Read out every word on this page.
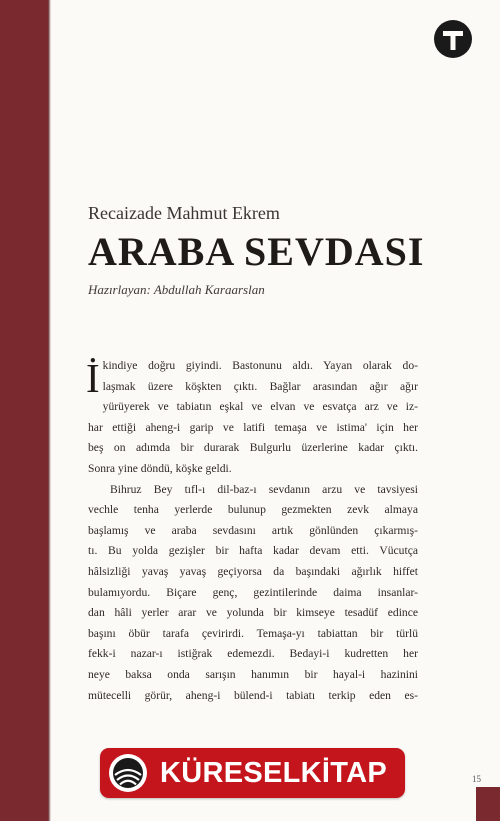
Recaizade Mahmut Ekrem
ARABA SEVDASI
Hazırlayan: Abdullah Karaarslan
İ kindiye doğru giyindi. Bastonunu aldı. Yayan olarak do-
laşmak üzere köşkten çıktı. Bağlar arasından ağır ağır
yürüyerek ve tabiatın eşkal ve elvan ve esvatça arz ve iz-
har ettiği aheng-i garip ve latifi temaşa ve istima' için her
beş on adımda bir durarak Bulgurlu üzerlerine kadar çıktı.
Sonra yine döndü, köşke geldi.
Bihruz Bey tıfl-ı dil-baz-ı sevdanın arzu ve tavsiyesi
vechle tenha yerlerde bulunup gezmekten zevk almaya
başlamış ve araba sevdasını artık gönlünden çıkarmış-
tı. Bu yolda gezişler bir hafta kadar devam etti. Vücutça
hâlsizliği yavaş yavaş geçiyorsa da başındaki ağırlık hiffet
bulamıyordu. Biçare genç, gezintilerinde daima insanlar-
dan hâli yerler arar ve yolunda bir kimseye tesadüf edince
başını öbür tarafa çevirirdi. Temaşa-yı tabiattan bir türlü
fekk-i nazar-ı istiğrak edemezdi. Bedayi-i kudretten her
neye baksa onda sarışın hanımın bir hayal-i hazinini
mütecelli görür, aheng-i bülend-i tabiatı terkip eden es-
15
KÜRESELKİTAP
